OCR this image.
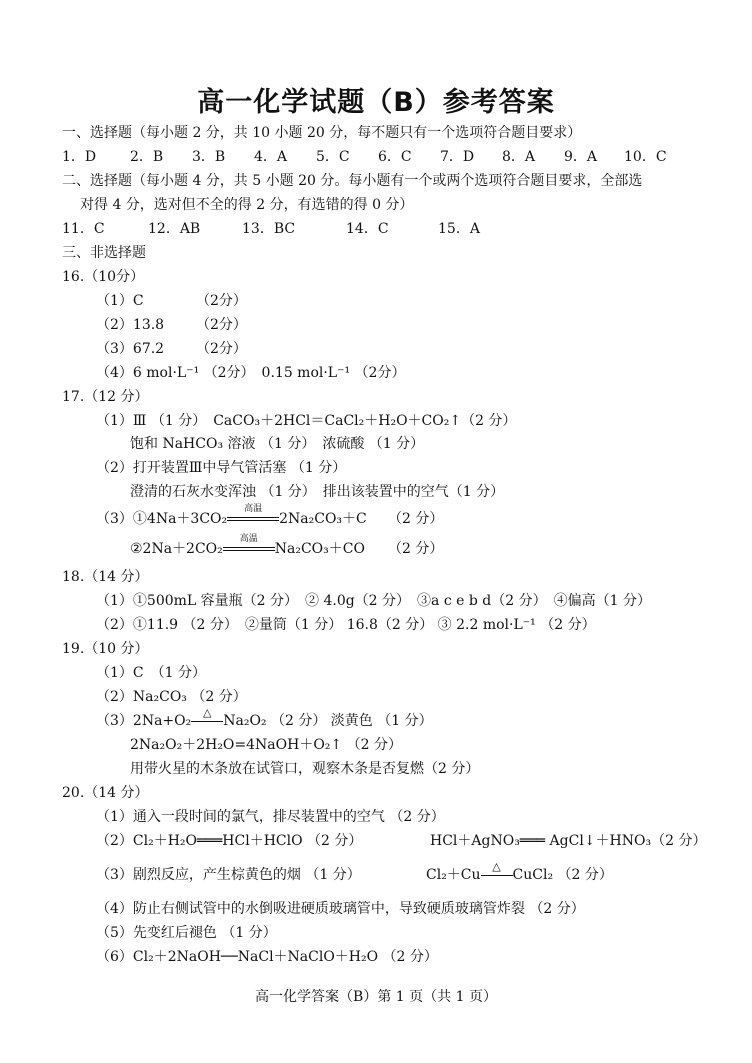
高一化学试题（B）参考答案
一、选择题（每小题 2 分，共 10 小题 20 分，每不题只有一个选项符合题目要求）
1．D 2．B 3．B 4．A 5．C 6．C 7．D 8．A 9．A 10．C
二、选择题（每小题 4 分，共 5 小题 20 分。每小题有一个或两个选项符合题目要求，全部选
对得 4 分，选对但不全的得 2 分，有选错的得 0 分）
11．C	12．AB	13．BC	14．C	15．A
三、非选择题
16.（10分）
（1）C	（2分）
（2）13.8 （2分）
（3）67.2 （2分）
（4）6 mol·L⁻¹ （2分）　0.15 mol·L⁻¹ （2分）
17.（12 分）
（1）Ⅲ （1 分）　CaCO₃＋2HCl＝CaCl₂＋H₂O＋CO₂↑（2 分）
饱和 NaHCO₃ 溶液 （1 分）　浓硫酸 （1 分）
（2）打开装置Ⅲ中导气管活塞 （1 分）
澄清的石灰水变浑浊 （1 分）　排出该装置中的空气（1 分）
（3）①4Na＋3CO₂
高温
2Na₂CO₃＋C （2 分）
②2Na＋2CO₂
高温
Na₂CO₃＋CO （2 分）
18.（14 分）
（1）①500mL 容量瓶（2 分）　② 4.0g（2 分）　③a c e b d（2 分）　④偏高（1 分）
（2）①11.9 （2 分）　②量筒（1 分） 16.8（2 分） ③ 2.2 mol·L⁻¹ （2 分）
19.（10 分）
（1）C　（1 分）
（2）Na₂CO₃ （2 分）
（3）2Na+O₂
△
Na₂O₂ （2 分） 淡黄色 （1 分）
2Na₂O₂＋2H₂O=4NaOH＋O₂↑ （2 分）
用带火星的木条放在试管口，观察木条是否复燃（2 分）
20.（14 分）
（1）通入一段时间的氯气，排尽装置中的空气 （2 分）
（2）Cl₂＋H₂O═══HCl＋HClO （2 分）	HCl＋AgNO₃═══ AgCl↓＋HNO₃（2 分）
（3）剧烈反应，产生棕黄色的烟 （1 分）	Cl₂＋Cu
△
CuCl₂ （2 分）
（4）防止右侧试管中的水倒吸进硬质玻璃管中，导致硬质玻璃管炸裂 （2 分）
（5）先变红后褪色 （1 分）
（6）Cl₂＋2NaOH──NaCl＋NaClO＋H₂O （2 分）
高一化学答案（B）第 1 页（共 1 页）
